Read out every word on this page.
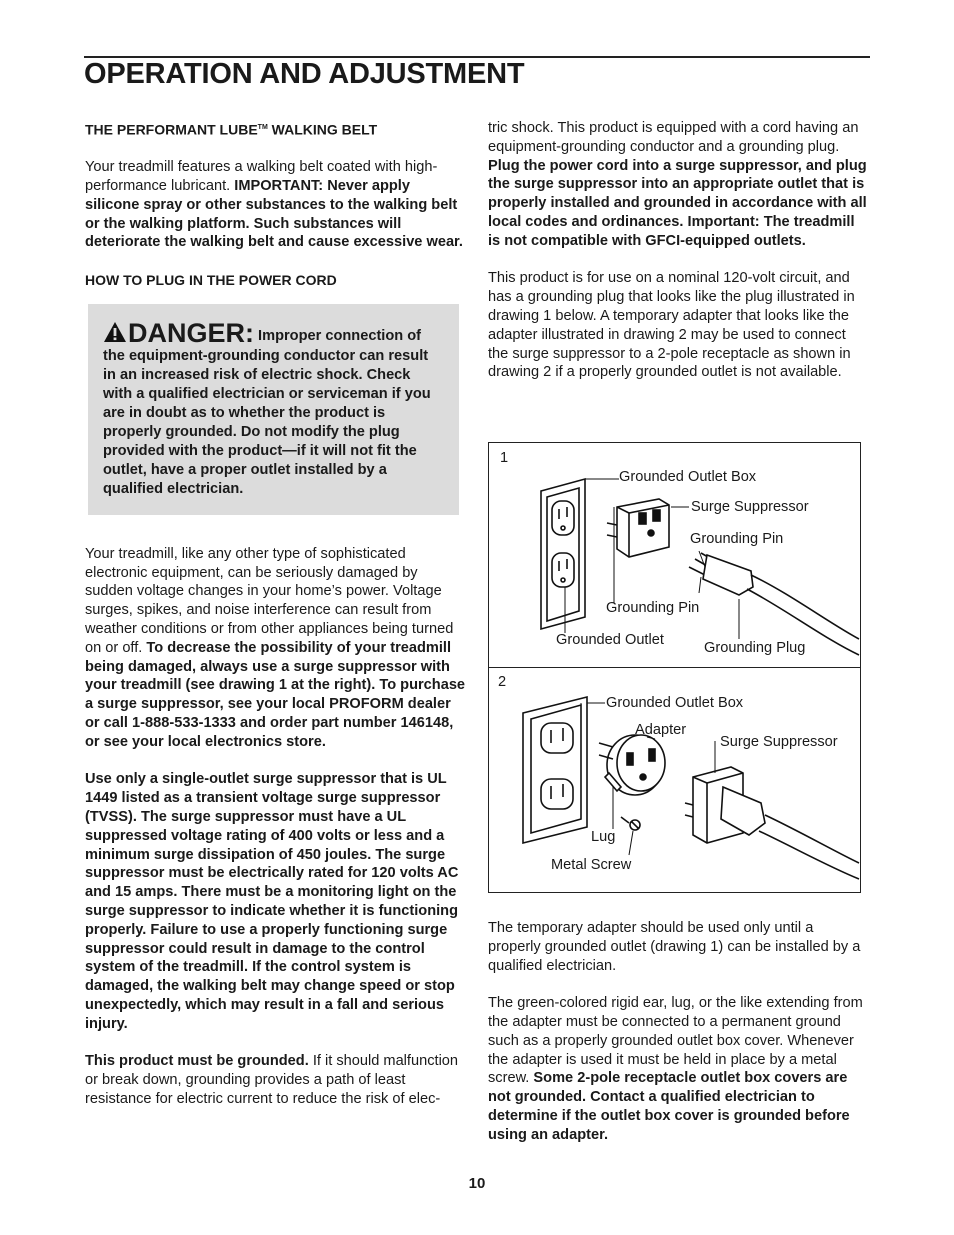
OPERATION AND ADJUSTMENT

THE PERFORMANT LUBE™ WALKING BELT

Your treadmill features a walking belt coated with high-performance lubricant. IMPORTANT: Never apply silicone spray or other substances to the walking belt or the walking platform. Such substances will deteriorate the walking belt and cause excessive wear.

HOW TO PLUG IN THE POWER CORD

DANGER: Improper connection of the equipment-grounding conductor can result in an increased risk of electric shock. Check with a qualified electrician or serviceman if you are in doubt as to whether the product is properly grounded. Do not modify the plug provided with the product—if it will not fit the outlet, have a proper outlet installed by a qualified electrician.

Your treadmill, like any other type of sophisticated electronic equipment, can be seriously damaged by sudden voltage changes in your home’s power. Voltage surges, spikes, and noise interference can result from weather conditions or from other appliances being turned on or off. To decrease the possibility of your treadmill being damaged, always use a surge suppressor with your treadmill (see drawing 1 at the right). To purchase a surge suppressor, see your local PROFORM dealer or call 1-888-533-1333 and order part number 146148, or see your local electronics store.

Use only a single-outlet surge suppressor that is UL 1449 listed as a transient voltage surge suppressor (TVSS). The surge suppressor must have a UL suppressed voltage rating of 400 volts or less and a minimum surge dissipation of 450 joules. The surge suppressor must be electrically rated for 120 volts AC and 15 amps. There must be a monitoring light on the surge suppressor to indicate whether it is functioning properly. Failure to use a properly functioning surge suppressor could result in damage to the control system of the treadmill. If the control system is damaged, the walking belt may change speed or stop unexpectedly, which may result in a fall and serious injury.

This product must be grounded. If it should malfunction or break down, grounding provides a path of least resistance for electric current to reduce the risk of elec-

tric shock. This product is equipped with a cord having an equipment-grounding conductor and a grounding plug. Plug the power cord into a surge suppressor, and plug the surge suppressor into an appropriate outlet that is properly installed and grounded in accordance with all local codes and ordinances. Important: The treadmill is not compatible with GFCI-equipped outlets.

This product is for use on a nominal 120-volt circuit, and has a grounding plug that looks like the plug illustrated in drawing 1 below. A temporary adapter that looks like the adapter illustrated in drawing 2 may be used to connect the surge suppressor to a 2-pole receptacle as shown in drawing 2 if a properly grounded outlet is not available.

1
Grounded Outlet Box
Surge Suppressor
Grounding Pin
Grounding Pin
Grounded Outlet	Grounding Plug
2
Grounded Outlet Box
Adapter
Surge Suppressor
Lug
Metal Screw

The temporary adapter should be used only until a properly grounded outlet (drawing 1) can be installed by a qualified electrician.

The green-colored rigid ear, lug, or the like extending from the adapter must be connected to a permanent ground such as a properly grounded outlet box cover. Whenever the adapter is used it must be held in place by a metal screw. Some 2-pole receptacle outlet box covers are not grounded. Contact a qualified electrician to determine if the outlet box cover is grounded before using an adapter.

10
